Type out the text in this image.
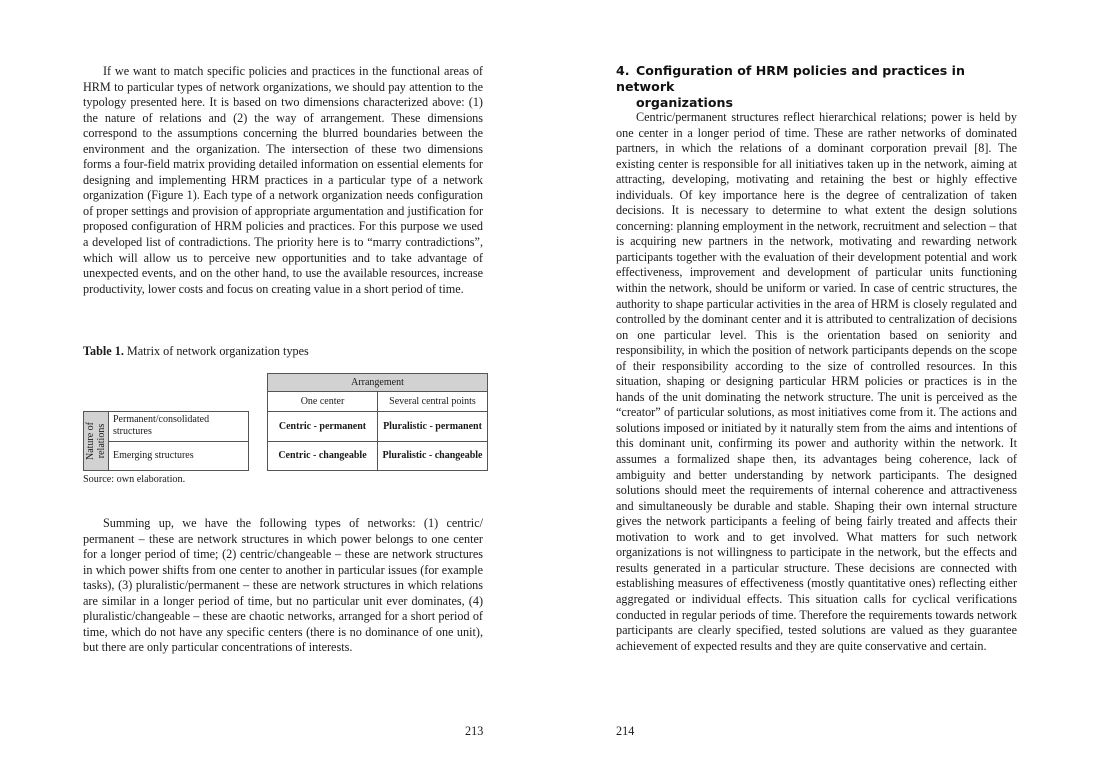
If we want to match specific policies and practices in the functional areas of HRM to particular types of network organizations, we should pay attention to the typology presented here. It is based on two dimensions characterized above: (1) the nature of relations and (2) the way of arrangement. These dimensions correspond to the assumptions concerning the blurred boundaries between the environment and the organization. The intersection of these two dimensions forms a four-field matrix providing detailed information on essential elements for designing and implementing HRM practices in a particular type of a network organization (Figure 1). Each type of a network organization needs configuration of proper settings and provision of appropriate argumentation and justification for proposed configuration of HRM policies and practices. For this purpose we used a developed list of contradictions. The priority here is to “marry contradictions”, which will allow us to perceive new opportunities and to take advantage of unexpected events, and on the other hand, to use the available resources, increase productivity, lower costs and focus on creating value in a short period of time.

Table 1. Matrix of network organization types

			Arrangement	
			One center	Several central points

Nature of relations	Permanent/consolidated structures		Centric - permanent	Pluralistic - permanent
	Emerging structures		Centric - changeable	Pluralistic - changeable

Source: own elaboration.

Summing up, we have the following types of networks: (1) centric/ permanent – these are network structures in which power belongs to one center for a longer period of time; (2) centric/changeable – these are network structures in which power shifts from one center to another in particular issues (for example tasks), (3) pluralistic/permanent – these are network structures in which relations are similar in a longer period of time, but no particular unit ever dominates, (4) pluralistic/changeable – these are chaotic networks, arranged for a short period of time, which do not have any specific centers (there is no dominance of one unit), but there are only particular concentrations of interests.

213

4. Configuration of HRM policies and practices in network
organizations

Centric/permanent structures reflect hierarchical relations; power is held by one center in a longer period of time. These are rather networks of dominated partners, in which the relations of a dominant corporation prevail [8]. The existing center is responsible for all initiatives taken up in the network, aiming at attracting, developing, motivating and retaining the best or highly effective individuals. Of key importance here is the degree of centralization of taken decisions. It is necessary to determine to what extent the design solutions concerning: planning employment in the network, recruitment and selection – that is acquiring new partners in the network, motivating and rewarding network participants together with the evaluation of their development potential and work effectiveness, improvement and development of particular units functioning within the network, should be uniform or varied. In case of centric structures, the authority to shape particular activities in the area of HRM is closely regulated and controlled by the dominant center and it is attributed to centralization of decisions on one particular level. This is the orientation based on seniority and responsibility, in which the position of network participants depends on the scope of their responsibility according to the size of controlled resources. In this situation, shaping or designing particular HRM policies or practices is in the hands of the unit dominating the network structure. The unit is perceived as the “creator” of particular solutions, as most initiatives come from it. The actions and solutions imposed or initiated by it naturally stem from the aims and intentions of this dominant unit, confirming its power and authority within the network. It assumes a formalized shape then, its advantages being coherence, lack of ambiguity and better understanding by network participants. The designed solutions should meet the requirements of internal coherence and attractiveness and simultaneously be durable and stable. Shaping their own internal structure gives the network participants a feeling of being fairly treated and affects their motivation to work and to get involved. What matters for such network organizations is not willingness to participate in the network, but the effects and results generated in a particular structure. These decisions are connected with establishing measures of effectiveness (mostly quantitative ones) reflecting either aggregated or individual effects. This situation calls for cyclical verifications conducted in regular periods of time. Therefore the requirements towards network participants are clearly specified, tested solutions are valued as they guarantee achievement of expected results and they are quite conservative and certain.

214
